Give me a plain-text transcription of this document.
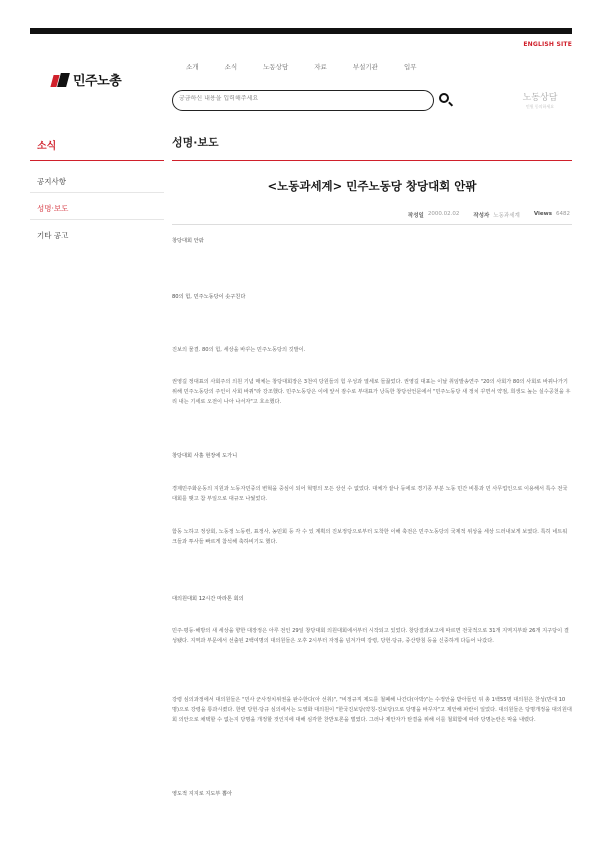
ENGLISH SITE
민주노총
소개	소식	노동상담	자료	부설기관	입무
궁금하신 내용을 입력해주세요
노동상담
민원 동의하세요
소식
공지사항
성명·보도
기타 공고
성명·보도
<노동과세계> 민주노동당 창당대회 안팎
작성일 2000.02.02	작성자 노동과세계	Views 6482
창당대회 안팎
80의 힘, 민주노동당이 솟구친다
진보의 물결. 80의 힘, 세상을 바꾸는 민주노동당의 깃발이.
권영길 정대표의 사회주의 의원 기념 매체는 창당대회장은 3천여 당원들의 힘 우성과 열세로 들끓었다. 권영길 대표는 이날 취임발송연주 "20의 사회가 80의 사회로 바뀌나가기 위해 민주노동당의 주인이 사회 바꿔"라 강조했다. 민주노동당은 이에 앞서 잠수로 부대표가 낭독한 창당선언문에서 "민주노동당 새 정치 꾸면서 약점, 희생도 높는 실수공천을 우리 내는 기세로 오전이 나아 나서자"고 호소했다.
창당대회 사흘 현장에 도가니
경제민주화운동의 지원과 노동자민중의 변혁을 중심이 되어 혁명의 모든 상선 수 없었다. 대체가 끝나 등에로 경기종 부분 노동 민간 비통과 민 사무업인으로 이용해서 특수 전국대회를 맺고 참 부일으로 대규모 나뒀었다.
함동 노하고 정상회, 노동정 노동련, 표정사, 농민회 등 각 수 있 계획의 진보정당으로부터 도착한 이해 축전은 민주노동당의 국제적 위상을 세상 드러내보게 보였다. 특히 네트워크들과 투사들 빠르게 참석해 축하비기도 했다.
대의원대회 12시간 마라톤 회의
민주·평등·해방의 새 세상을 향한 대장정은 아루 전인 29일 창당대회 의원대회에서부터 시작되고 있었다. 창당결과보고에 따르면 전국적으로 31개 지역지부와 26개 지구당이 결성됐다. 지역과 부문에서 선출된 2백여명의 대의원들은 오후 2시부터 자정을 넘겨가며 강령, 당헌·당규, 중산방침 등을 신중하게 다듬어 나갔다.
강령 심의과정에서 대의원들은 "민사 군사정치위권을 완수한다(아 선취)", "비정규직 제도를 철폐해 나간다(아박)"는 수정안을 받아들인 뒤 총 1백55명 대의원은 찬성(반대 10명)으로 강령을 통과시켰다. 한편 당헌·당규 심의에서는 도영화 대의원이 "한국진보당(약칭-진보당)으로 당명을 바꾸자"고 제안해 파란이 일었다. 대의원들은 당명개정을 대의원대회 의안으로 채택할 수 없는지 당명을 개정할 것인지에 대해 심각한 찬반토론을 벌였다. 그러나 제안자가 탄결을 위해 이를 철회함에 따라 당명논란은 막을 내렸다.
영도적 지지로 지도부 뽑아
